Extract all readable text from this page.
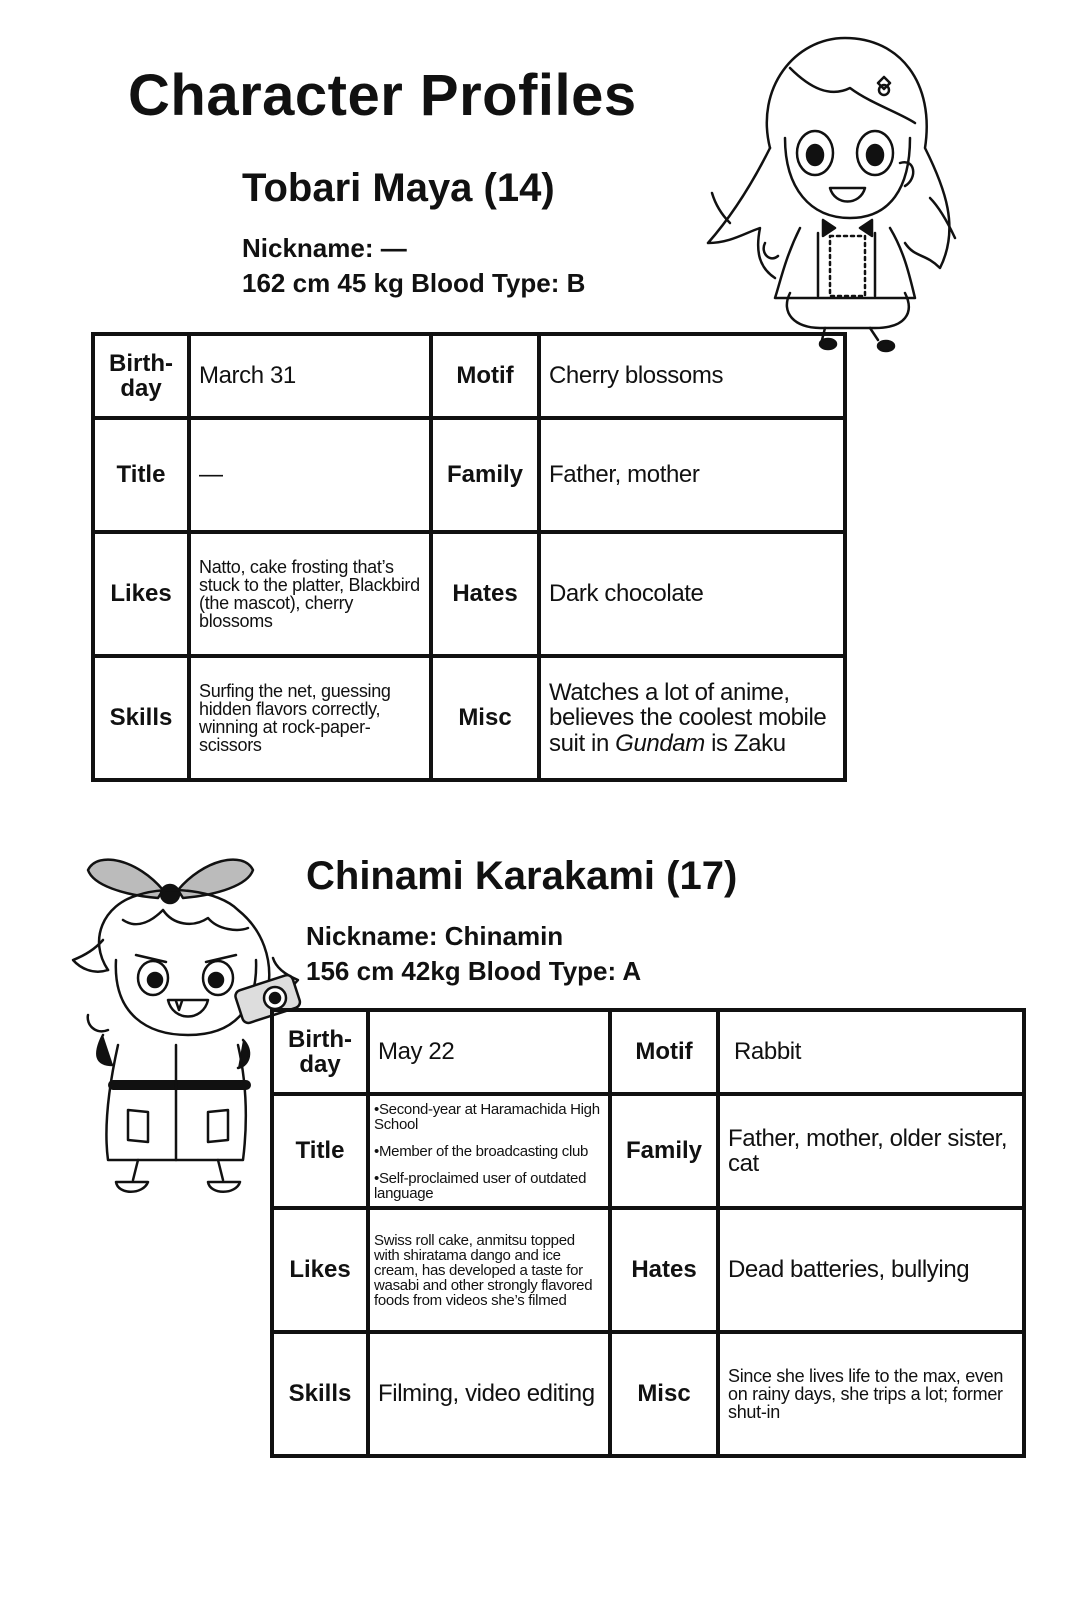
Character Profiles
Tobari Maya (14)

Nickname: —

162 cm 45 kg Blood Type: B

Birth-
day	March 31	Motif	Cherry blossoms
Title	—	Family	Father, mother
Likes	Natto, cake frosting that’s stuck to the platter, Blackbird (the mascot), cherry blossoms	Hates	Dark chocolate
Skills	Surfing the net, guessing hidden flavors correctly, winning at rock-paper-scissors	Misc	Watches a lot of anime, believes the coolest mobile suit in Gundam is Zaku
Chinami Karakami (17)

Nickname: Chinamin

156 cm 42kg Blood Type: A

Birth-
day	May 22	Motif	Rabbit
Title	•Second-year at Haramachida High School
•Member of the broadcasting club
•Self-proclaimed user of outdated language	Family	Father, mother, older sister, cat
Likes	Swiss roll cake, anmitsu topped with shiratama dango and ice cream, has developed a taste for wasabi and other strongly flavored foods from videos she’s filmed	Hates	Dead batteries, bullying
Skills	Filming, video editing	Misc	Since she lives life to the max, even on rainy days, she trips a lot; former shut-in
